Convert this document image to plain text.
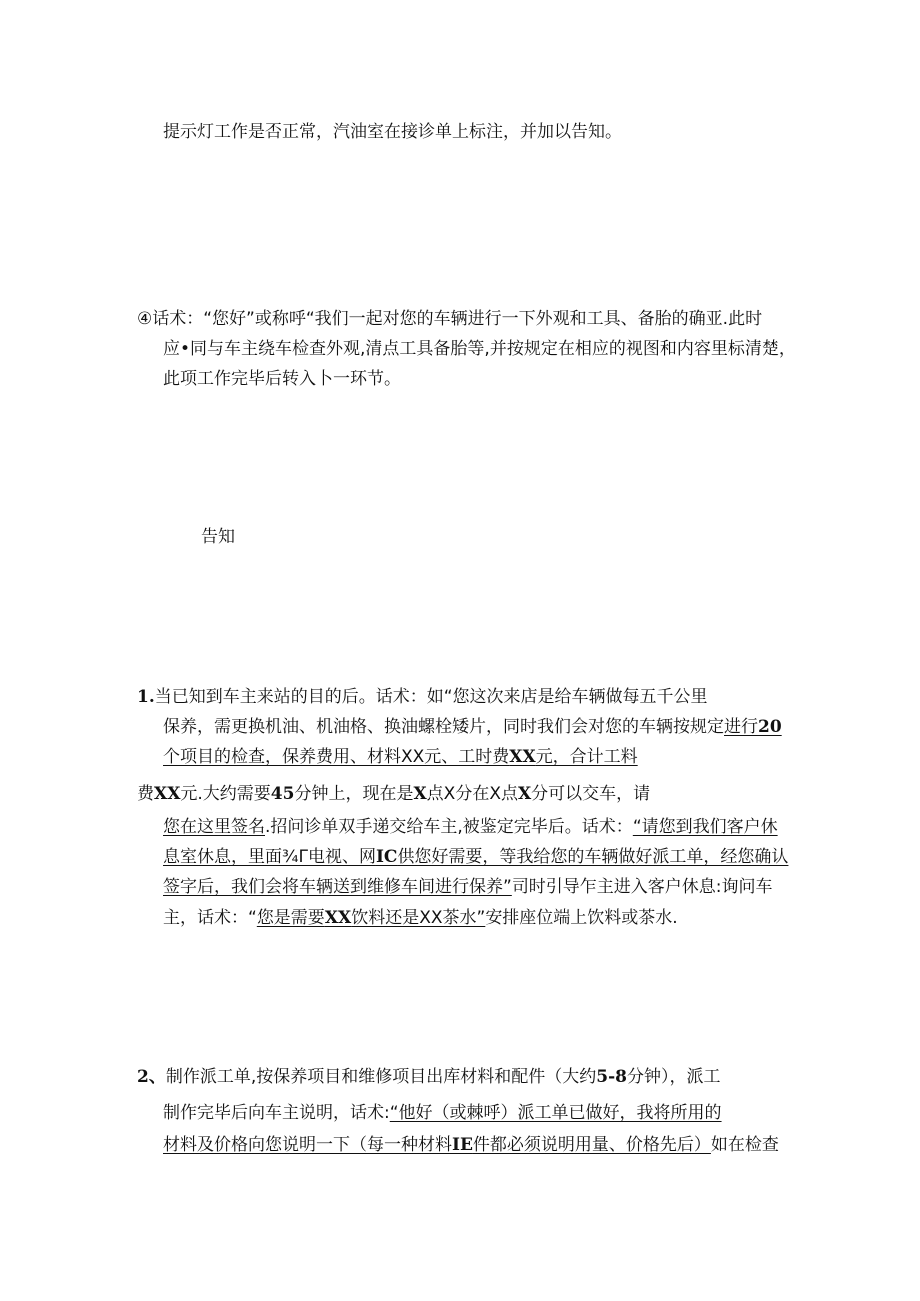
提示灯工作是否正常，汽油室在接诊单上标注，并加以告知。
④话术：“您好”或称呼“我们一起对您的车辆进行一下外观和工具、备胎的确亚.此时
应•同与车主绕车检查外观,清点工具备胎等,并按规定在相应的视图和内容里标清楚，
此项工作完毕后转入卜一环节。
告知
1.当已知到车主来站的目的后。话术：如“您这次来店是给车辆做每五千公里
保养，需更换机油、机油格、换油螺栓矮片，同时我们会对您的车辆按规定进行20
个项目的检查，保养费用、材料XX元、工时费XX元，合计工料
费XX元.大约需要45分钟上，现在是X点X分在X点X分可以交车，请
您在这里签名.招问诊单双手递交给车主,被鉴定完毕后。话术：“请您到我们客户休
息室休息，里面¾Γ电视、网IC供您好需要，等我给您的车辆做好派工单，经您确认
签字后，我们会将车辆送到维修车间进行保养”司时引导乍主进入客户休息:询问车
主，话术：“您是需要XX饮料还是XX茶水”安排座位端上饮料或茶水.
2、制作派工单,按保养项目和维修项目出库材料和配件（大约5-8分钟），派工
制作完毕后向车主说明，话术:“他好（或棘呼）派工单已做好，我将所用的
材料及价格向您说明一下（每一种材料IE件都必须说明用量、价格先后）如在检查
